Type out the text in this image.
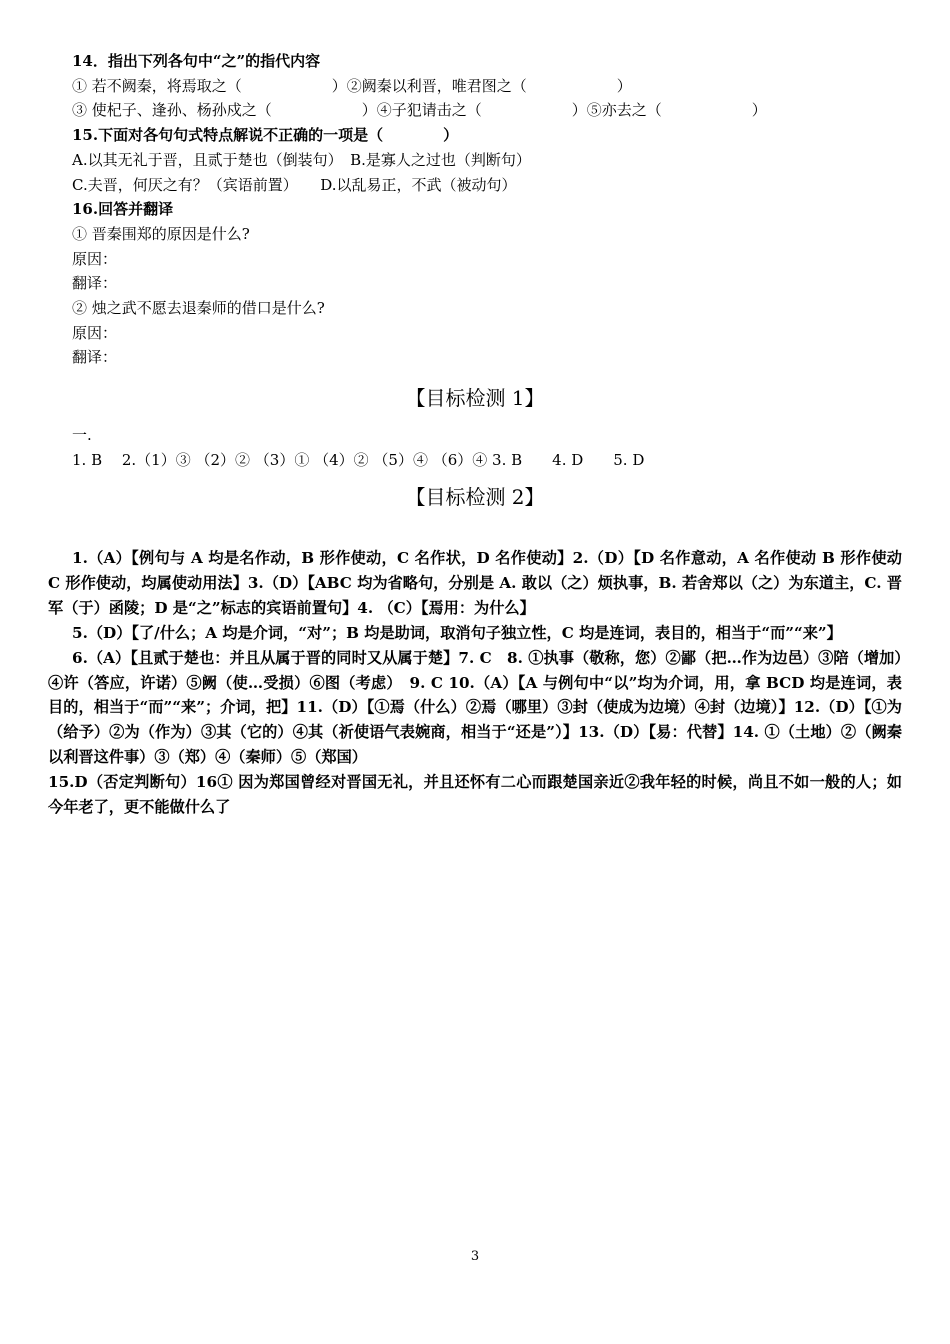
14．指出下列各句中“之”的指代内容
① 若不阙秦，将焉取之（　　　　　　）②阙秦以利晋，唯君图之（　　　　　　）
③ 使杞子、逢孙、杨孙戍之（　　　　　　）④子犯请击之（　　　　　　）⑤亦去之（　　　　　　）
15.下面对各句句式特点解说不正确的一项是（　　　　）
A.以其无礼于晋，且贰于楚也（倒装句）　B.是寡人之过也（判断句）
C.夫晋，何厌之有？（宾语前置）　　D.以乱易正，不武（被动句）
16.回答并翻译
① 晋秦围郑的原因是什么?
原因：
翻译：
② 烛之武不愿去退秦师的借口是什么?
原因：
翻译：
【目标检测 1】
一.
1. B　 2.（1）③ （2）② （3）① （4）② （5）④ （6）④ 3. B　　4. D　　5. D
【目标检测 2】

1.（A）【例句与 A 均是名作动，B 形作使动，C 名作状，D 名作使动】2.（D）【D 名作意动，A 名作使动 B 形作使动 C 形作使动，均属使动用法】3.（D）【ABC 均为省略句，分别是 A. 敢以（之）烦执事，B. 若舍郑以（之）为东道主，C. 晋军（于）函陵；D 是“之”标志的宾语前置句】4. （C）【焉用：为什么】

5.（D）【了/什么；A 均是介词，“对”；B 均是助词，取消句子独立性，C 均是连词，表目的，相当于“而”“来”】

6.（A）【且贰于楚也：并且从属于晋的同时又从属于楚】7. C　8. ①执事（敬称，您）②鄙（把…作为边邑）③陪（增加）④许（答应，许诺）⑤阙（使…受损）⑥图（考虑）　9. C 10.（A）【A 与例句中“以”均为介词，用，拿 BCD 均是连词，表目的，相当于“而”“来”；介词，把】11.（D）【①焉（什么）②焉（哪里）③封（使成为边境）④封（边境）】12.（D）【①为（给予）②为（作为）③其（它的）④其（祈使语气表婉商，相当于“还是”）】13.（D）【易：代替】14. ①（土地）②（阙秦以利晋这件事）③（郑）④（秦师）⑤（郑国）

15.D（否定判断句）16① 因为郑国曾经对晋国无礼，并且还怀有二心而跟楚国亲近②我年轻的时候，尚且不如一般的人；如今年老了，更不能做什么了

3
